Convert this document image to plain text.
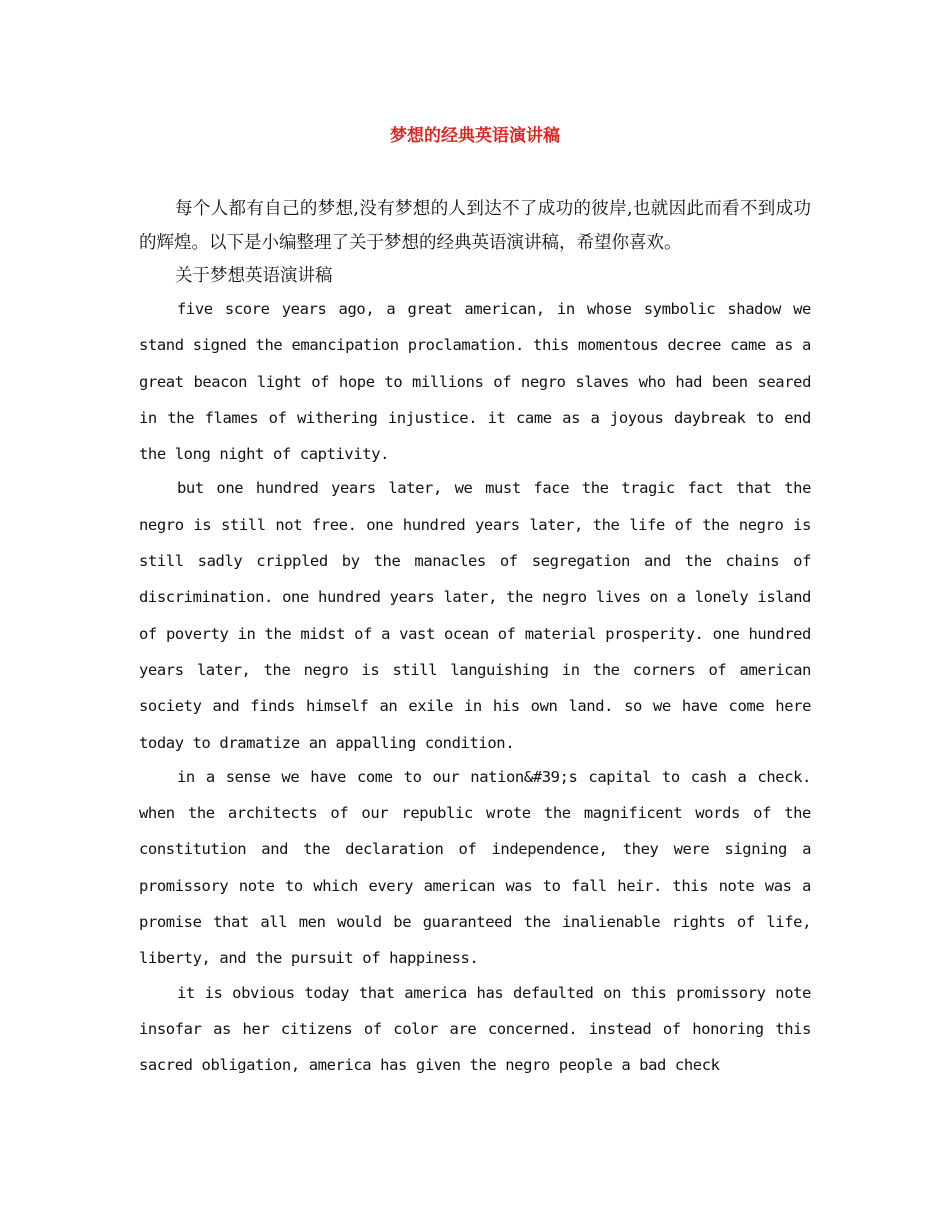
梦想的经典英语演讲稿

每个人都有自己的梦想,没有梦想的人到达不了成功的彼岸,也就因此而看不到成功的辉煌。以下是小编整理了关于梦想的经典英语演讲稿，希望你喜欢。

关于梦想英语演讲稿

five score years ago, a great american, in whose symbolic shadow we stand signed the emancipation proclamation. this momentous decree came as a great beacon light of hope to millions of negro slaves who had been seared in the flames of withering injustice. it came as a joyous daybreak to end the long night of captivity.

but one hundred years later, we must face the tragic fact that the negro is still not free. one hundred years later, the life of the negro is still sadly crippled by the manacles of segregation and the chains of discrimination. one hundred years later, the negro lives on a lonely island of poverty in the midst of a vast ocean of material prosperity. one hundred years later, the negro is still languishing in the corners of american society and finds himself an exile in his own land. so we have come here today to dramatize an appalling condition.

in a sense we have come to our nation&#39;s capital to cash a check. when the architects of our republic wrote the magnificent words of the constitution and the declaration of independence, they were signing a promissory note to which every american was to fall heir. this note was a promise that all men would be guaranteed the inalienable rights of life, liberty, and the pursuit of happiness.

it is obvious today that america has defaulted on this promissory note insofar as her citizens of color are concerned. instead of honoring this sacred obligation, america has given the negro people a bad check
